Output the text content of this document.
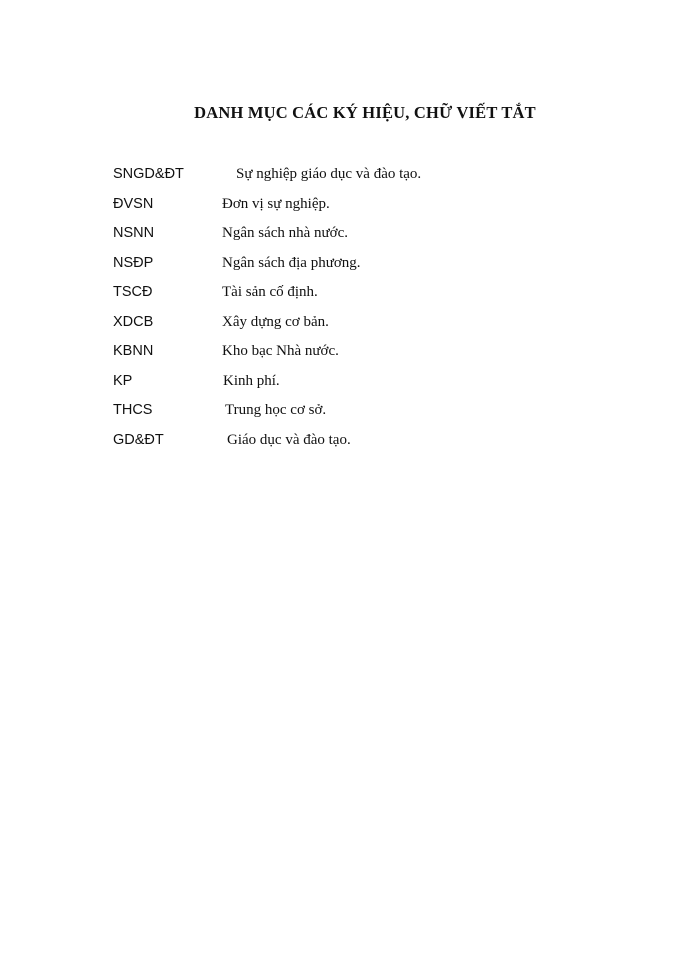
DANH MỤC CÁC KÝ HIỆU, CHỮ VIẾT TẮT
SNGD&ĐT	Sự nghiệp giáo dục và đào tạo.
ĐVSN	Đơn vị sự nghiệp.
NSNN	Ngân sách nhà nước.
NSĐP	Ngân sách địa phương.
TSCĐ	Tài sản cố định.
XDCB	Xây dựng cơ bản.
KBNN	Kho bạc Nhà nước.
KP	Kinh phí.
THCS	Trung học cơ sở.
GD&ĐT	Giáo dục và đào tạo.
